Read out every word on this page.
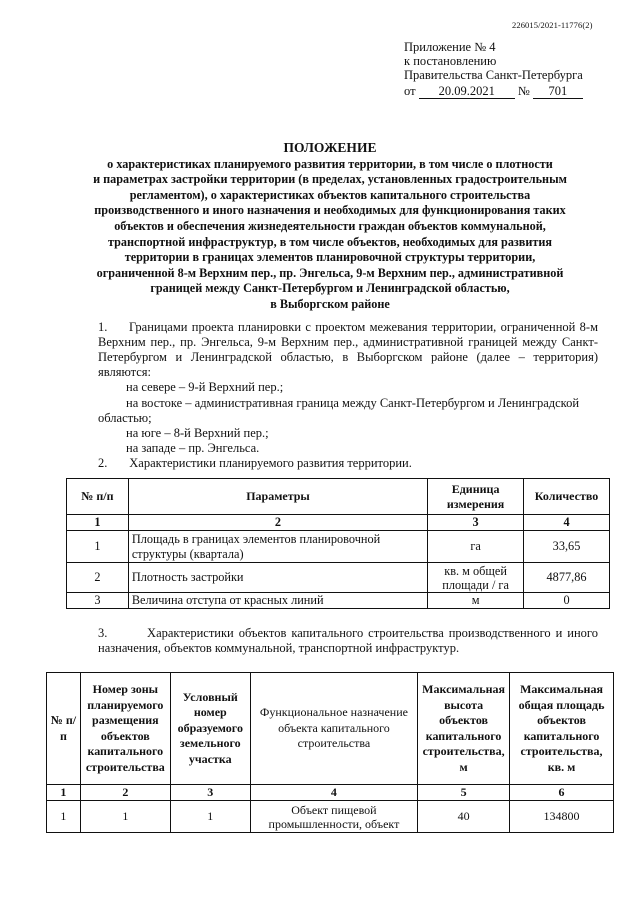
226015/2021-11776(2)
Приложение № 4
к постановлению
Правительства Санкт-Петербурга
от 20.09.2021 № 701
ПОЛОЖЕНИЕ
о характеристиках планируемого развития территории, в том числе о плотности
и параметрах застройки территории (в пределах, установленных градостроительным
регламентом), о характеристиках объектов капитального строительства
производственного и иного назначения и необходимых для функционирования таких
объектов и обеспечения жизнедеятельности граждан объектов коммунальной,
транспортной инфраструктур, в том числе объектов, необходимых для развития
территории в границах элементов планировочной структуры территории,
ограниченной 8-м Верхним пер., пр. Энгельса, 9-м Верхним пер., административной
границей между Санкт-Петербургом и Ленинградской областью,
в Выборгском районе
1.     Границами проекта планировки с проектом межевания территории, ограниченной 8-м Верхним пер., пр. Энгельса, 9-м Верхним пер., административной границей между Санкт-Петербургом и Ленинградской областью, в Выборгском районе (далее – территория) являются:
на севере – 9-й Верхний пер.;
на востоке – административная граница между Санкт-Петербургом и Ленинградской
областью;
на юге – 8-й Верхний пер.;
на западе – пр. Энгельса.
2.       Характеристики планируемого развития территории.
№ п/п	Параметры	Единица измерения	Количество
1	2	3	4
1	Площадь в границах элементов планировочной структуры (квартала)	га	33,65
2	Плотность застройки	кв. м общей площади / га	4877,86
3	Величина отступа от красных линий	м	0
3.        Характеристики объектов капитального строительства производственного и иного назначения, объектов коммунальной, транспортной инфраструктур.
№ п/п	Номер зоны планируемого размещения объектов капитального строительства	Условный номер образуемого земельного участка	Функциональное назначение объекта капитального строительства	Максимальная высота объектов капитального строительства, м	Максимальная общая площадь объектов капитального строительства, кв. м
1	2	3	4	5	6
1	1	1	Объект пищевой промышленности, объект	40	134800
